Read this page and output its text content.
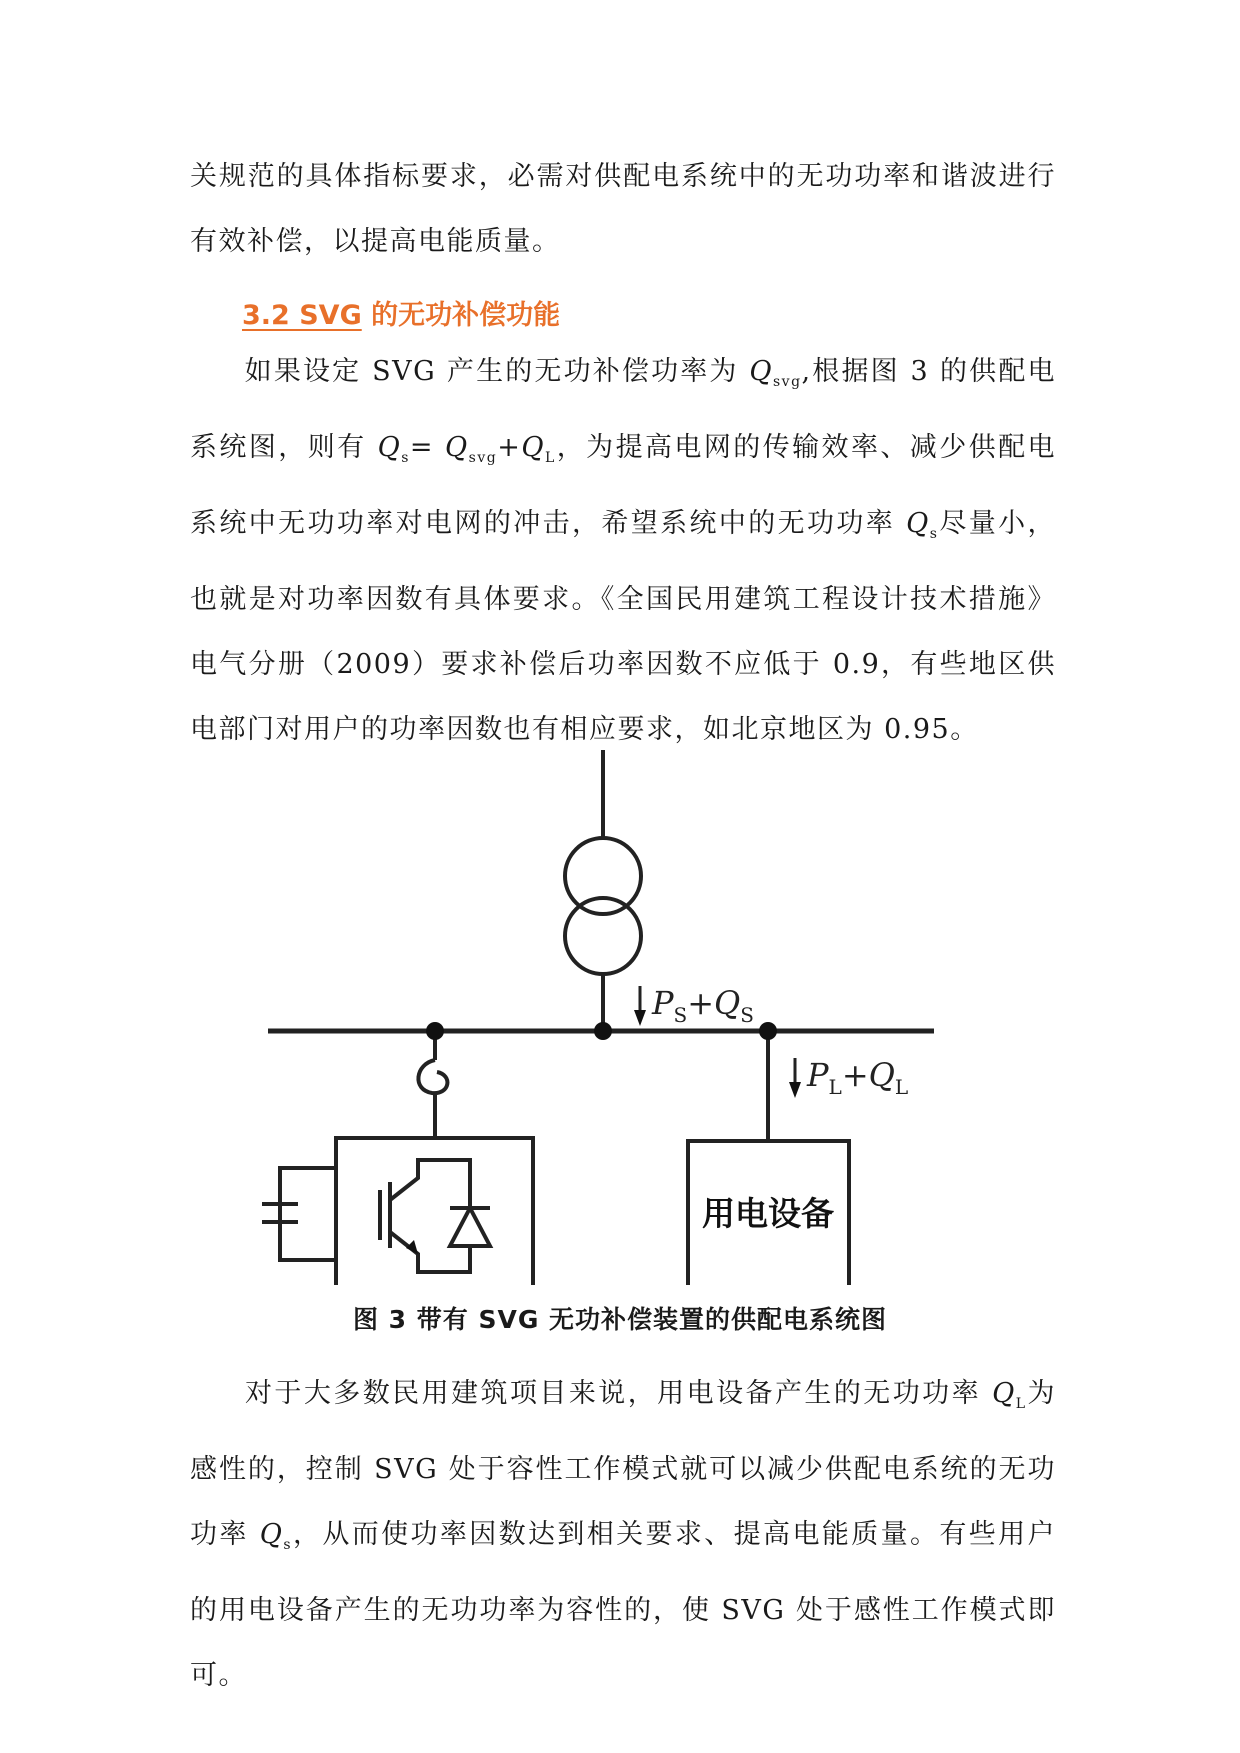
关规范的具体指标要求，必需对供配电系统中的无功功率和谐波进行有效补偿，以提高电能质量。

3.2 SVG 的无功补偿功能

如果设定 SVG 产生的无功补偿功率为 $Q_{svg}$,根据图 3 的供配电系统图，则有 $Q_s= Q_{svg}+Q_L$，为提高电网的传输效率、减少供配电系统中无功功率对电网的冲击，希望系统中的无功功率 $Q_s$尽量小，也就是对功率因数有具体要求。《全国民用建筑工程设计技术措施》电气分册（2009）要求补偿后功率因数不应低于 0.9，有些地区供电部门对用户的功率因数也有相应要求，如北京地区为 0.95。

$P_S+Q_S$
$P_L+Q_L$
用电设备

图 3 带有 SVG 无功补偿装置的供配电系统图

对于大多数民用建筑项目来说，用电设备产生的无功功率 $Q_L$为感性的，控制 SVG 处于容性工作模式就可以减少供配电系统的无功功率 $Q_s$，从而使功率因数达到相关要求、提高电能质量。有些用户的用电设备产生的无功功率为容性的，使 SVG 处于感性工作模式即可。
